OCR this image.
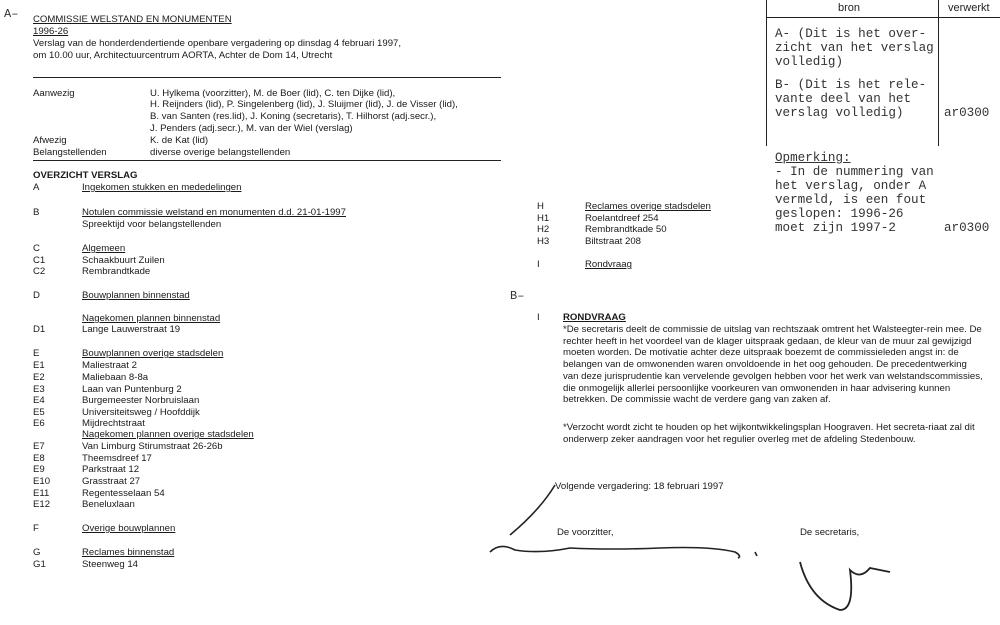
A–
B–
COMMISSIE WELSTAND EN MONUMENTEN
1996-26
Verslag van de honderdendertiende openbare vergadering op dinsdag 4 februari 1997,
om 10.00 uur, Architectuurcentrum AORTA, Achter de Dom 14, Utrecht
Aanwezig	U. Hylkema (voorzitter), M. de Boer (lid), C. ten Dijke (lid),
H. Reijnders (lid), P. Singelenberg (lid), J. Sluijmer (lid), J. de Visser (lid),
B. van Santen (res.lid), J. Koning (secretaris), T. Hilhorst (adj.secr.),
J. Penders (adj.secr.), M. van der Wiel (verslag)
Afwezig	K. de Kat (lid)
Belangstellenden	diverse overige belangstellenden
OVERZICHT VERSLAG
A	Ingekomen stukken en mededelingen
B	Notulen commissie welstand en monumenten d.d. 21-01-1997
Spreektijd voor belangstellenden
C	Algemeen
C1	Schaakbuurt Zuilen
C2	Rembrandtkade
D	Bouwplannen binnenstad
Nagekomen plannen binnenstad
D1	Lange Lauwerstraat 19
E	Bouwplannen overige stadsdelen
E1	Maliestraat 2
E2	Maliebaan 8-8a
E3	Laan van Puntenburg 2
E4	Burgemeester Norbruislaan
E5	Universiteitsweg / Hoofddijk
E6	Mijdrechtstraat
Nagekomen plannen overige stadsdelen
E7	Van Limburg Stirumstraat 26-26b
E8	Theemsdreef 17
E9	Parkstraat 12
E10	Grasstraat 27
E11	Regentesselaan 54
E12	Beneluxlaan
F	Overige bouwplannen
G	Reclames binnenstad
G1	Steenweg 14
H	Reclames overige stadsdelen
H1	Roelantdreef 254
H2	Rembrandtkade 50
H3	Biltstraat 208
I	Rondvraag
I RONDVRAAG
*De secretaris deelt de commissie de uitslag van rechtszaak omtrent het Walsteegter-rein mee. De rechter heeft in het voordeel van de klager uitspraak gedaan, de kleur van de muur zal gewijzigd moeten worden. De motivatie achter deze uitspraak boezemt de commissieleden angst in: de belangen van de omwonenden waren onvoldoende in het oog gehouden. De precedentwerking van deze jurisprudentie kan vervelende gevolgen hebben voor het werk van welstandscommissies, die onmogelijk allerlei persoonlijke voorkeuren van omwonenden in haar advisering kunnen betrekken. De commissie wacht de verdere gang van zaken af.
*Verzocht wordt zicht te houden op het wijkontwikkelingsplan Hoograven. Het secreta-riaat zal dit onderwerp zeker aandragen voor het regulier overleg met de afdeling Stedenbouw.
Volgende vergadering: 18 februari 1997
De voorzitter,	De secretaris,
bron	verwerkt
A- (Dit is het over-
zicht van het verslag
volledig)
B- (Dit is het rele-
vante deel van het
verslag volledig)	ar0300
Opmerking:
- In de nummering van
het verslag, onder A
vermeld, is een fout
geslopen: 1996-26
moet zijn 1997-2	ar0300
